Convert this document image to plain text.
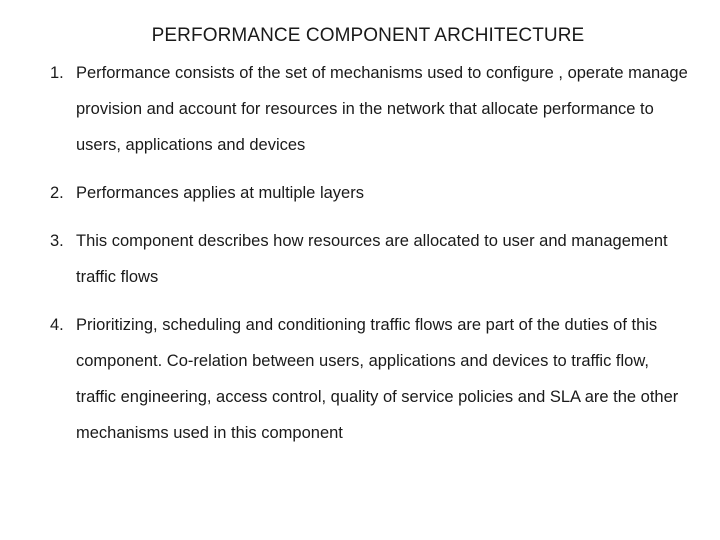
PERFORMANCE COMPONENT ARCHITECTURE
1. Performance consists of the set of mechanisms used to configure , operate manage provision and account for resources in the network that allocate performance to users, applications and devices
2. Performances applies at multiple layers
3. This component describes how resources are allocated to user and management traffic flows
4. Prioritizing, scheduling and conditioning traffic flows are part of the duties of this component. Co-relation between users, applications and devices to traffic flow, traffic engineering, access control, quality of service policies and SLA are the other mechanisms used in this component
